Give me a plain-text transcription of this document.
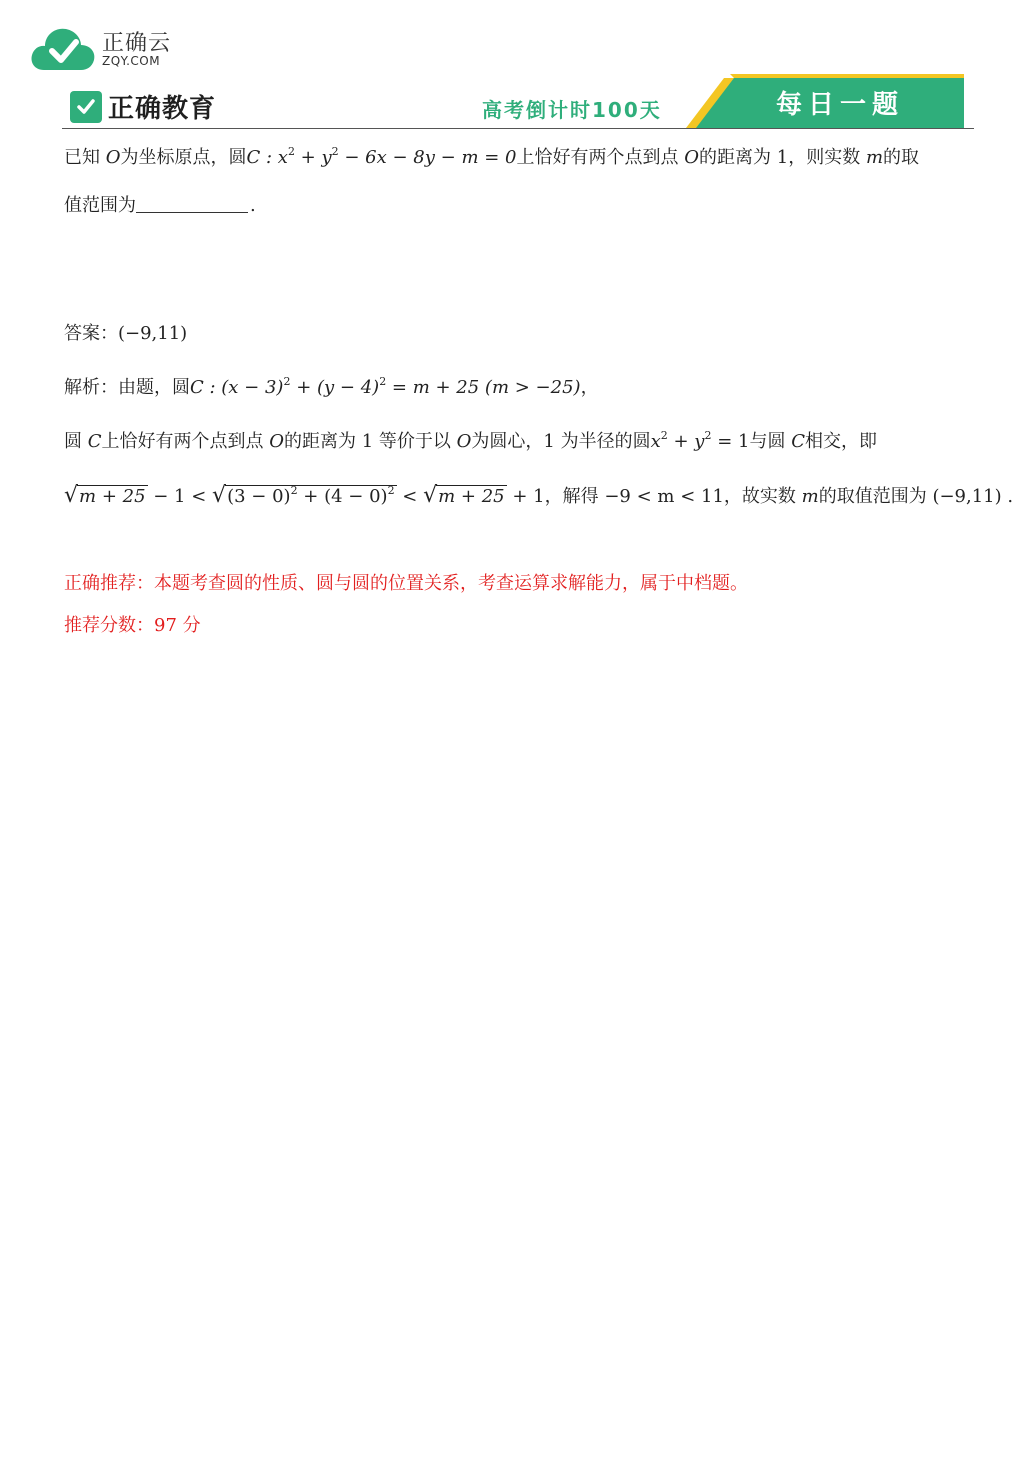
正确云
ZQY.COM
正确教育	高考倒计时100天	每日一题
已知 O为坐标原点，圆C : $x^2 + y^2 - 6x - 8y - m = 0$上恰好有两个点到点 O的距离为 1，则实数 m的取
值范围为	.
答案：(−9,11)
解析：由题，圆C : $(x - 3)^2 + (y - 4)^2 = m + 25$ (m > −25)，
圆 C上恰好有两个点到点 O的距离为 1 等价于以 O为圆心，1 为半径的圆$x^2 + y^2 = 1$与圆 C相交，即
$√m + 25 - 1 < √(3 - 0)^2 + (4 - 0)^2 < √m + 25 + 1$，解得 −9 < m < 11，故实数 m的取值范围为 (−9,11) .
正确推荐：本题考查圆的性质、圆与圆的位置关系，考查运算求解能力，属于中档题。
推荐分数：97 分
